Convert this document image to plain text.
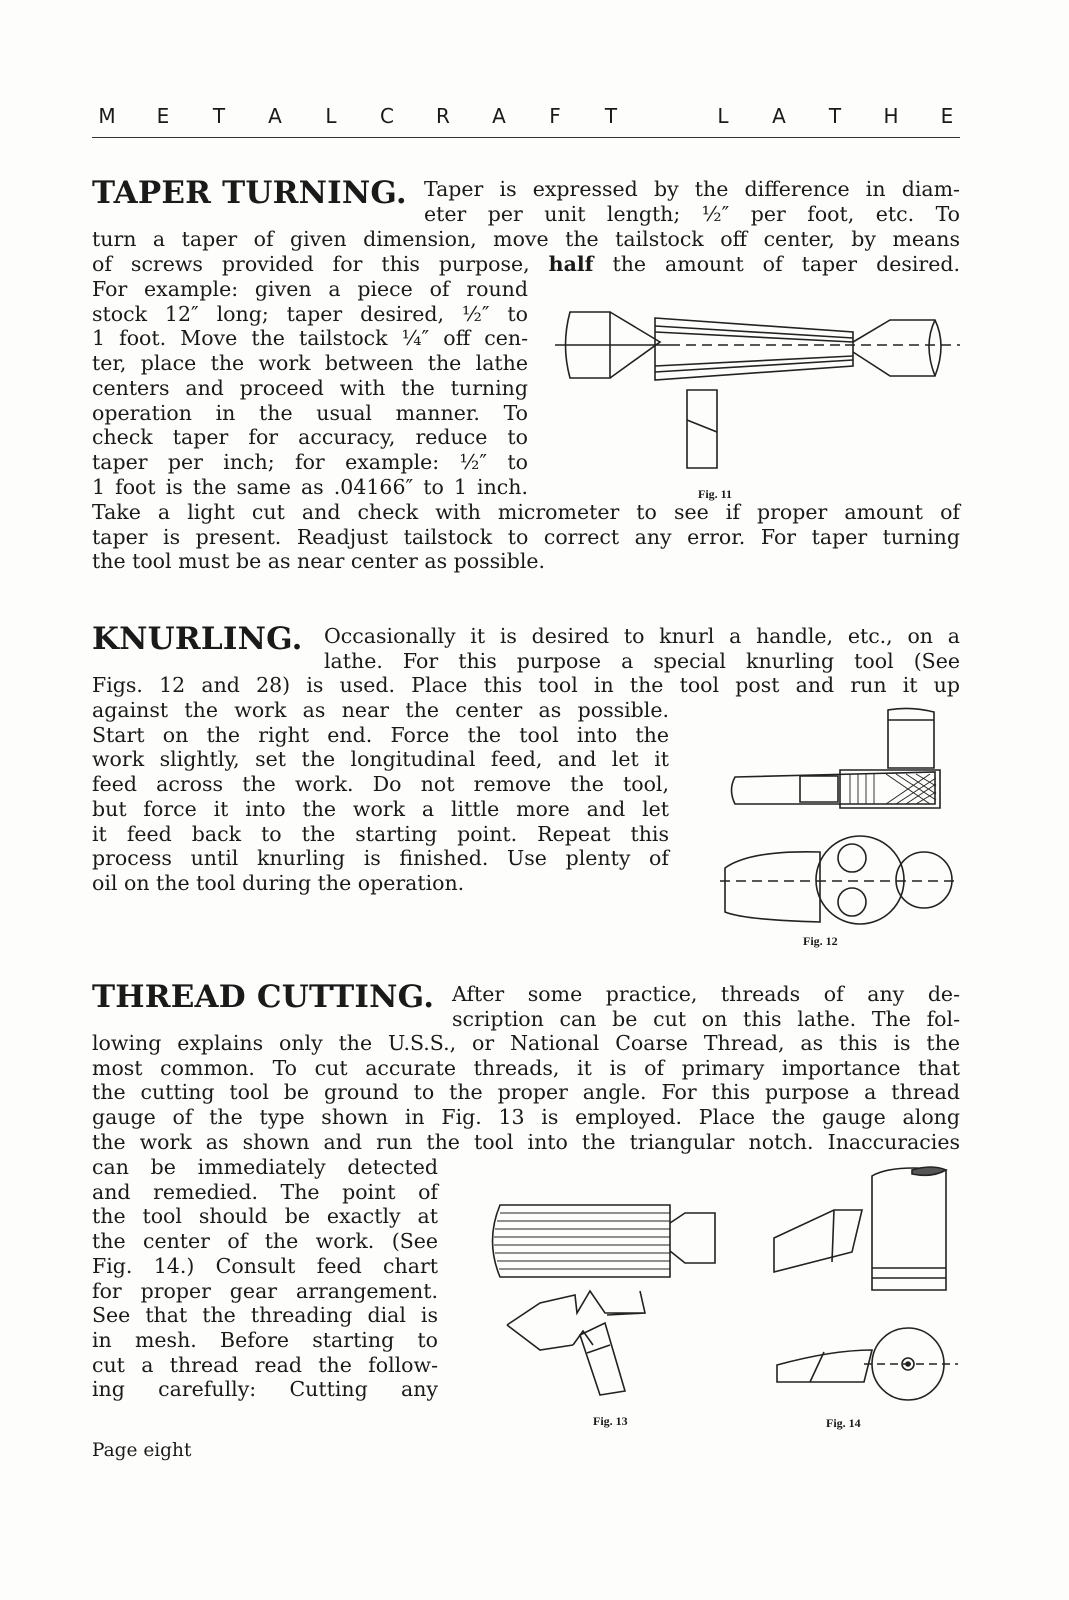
M	E	T	A	L	C	R	A	F	T	L	A	T	H	E
TAPER TURNING. Taper is expressed by the difference in diam-
eter per unit length; ½″ per foot, etc. To
turn a taper of given dimension, move the tailstock off center, by means
of screws provided for this purpose, half the amount of taper desired.
For example: given a piece of round
stock 12″ long; taper desired, ½″ to
1 foot. Move the tailstock ¼″ off cen-
ter, place the work between the lathe
centers and proceed with the turning
operation in the usual manner. To
check taper for accuracy, reduce to
taper per inch; for example: ½″ to
1 foot is the same as .04166″ to 1 inch.
Take a light cut and check with micrometer to see if proper amount of
taper is present. Readjust tailstock to correct any error. For taper turning
the tool must be as near center as possible.
Fig. 11
KNURLING. Occasionally it is desired to knurl a handle, etc., on a
lathe. For this purpose a special knurling tool (See
Figs. 12 and 28) is used. Place this tool in the tool post and run it up
against the work as near the center as possible.
Start on the right end. Force the tool into the
work slightly, set the longitudinal feed, and let it
feed across the work. Do not remove the tool,
but force it into the work a little more and let
it feed back to the starting point. Repeat this
process until knurling is finished. Use plenty of
oil on the tool during the operation.
Fig. 12
THREAD CUTTING. After some practice, threads of any de-
scription can be cut on this lathe. The fol-
lowing explains only the U.S.S., or National Coarse Thread, as this is the
most common. To cut accurate threads, it is of primary importance that
the cutting tool be ground to the proper angle. For this purpose a thread
gauge of the type shown in Fig. 13 is employed. Place the gauge along
the work as shown and run the tool into the triangular notch. Inaccuracies
can be immediately detected
and remedied. The point of
the tool should be exactly at
the center of the work. (See
Fig. 14.) Consult feed chart
for proper gear arrangement.
See that the threading dial is
in mesh. Before starting to
cut a thread read the follow-
ing carefully: Cutting any
Fig. 13	Fig. 14
Page eight
